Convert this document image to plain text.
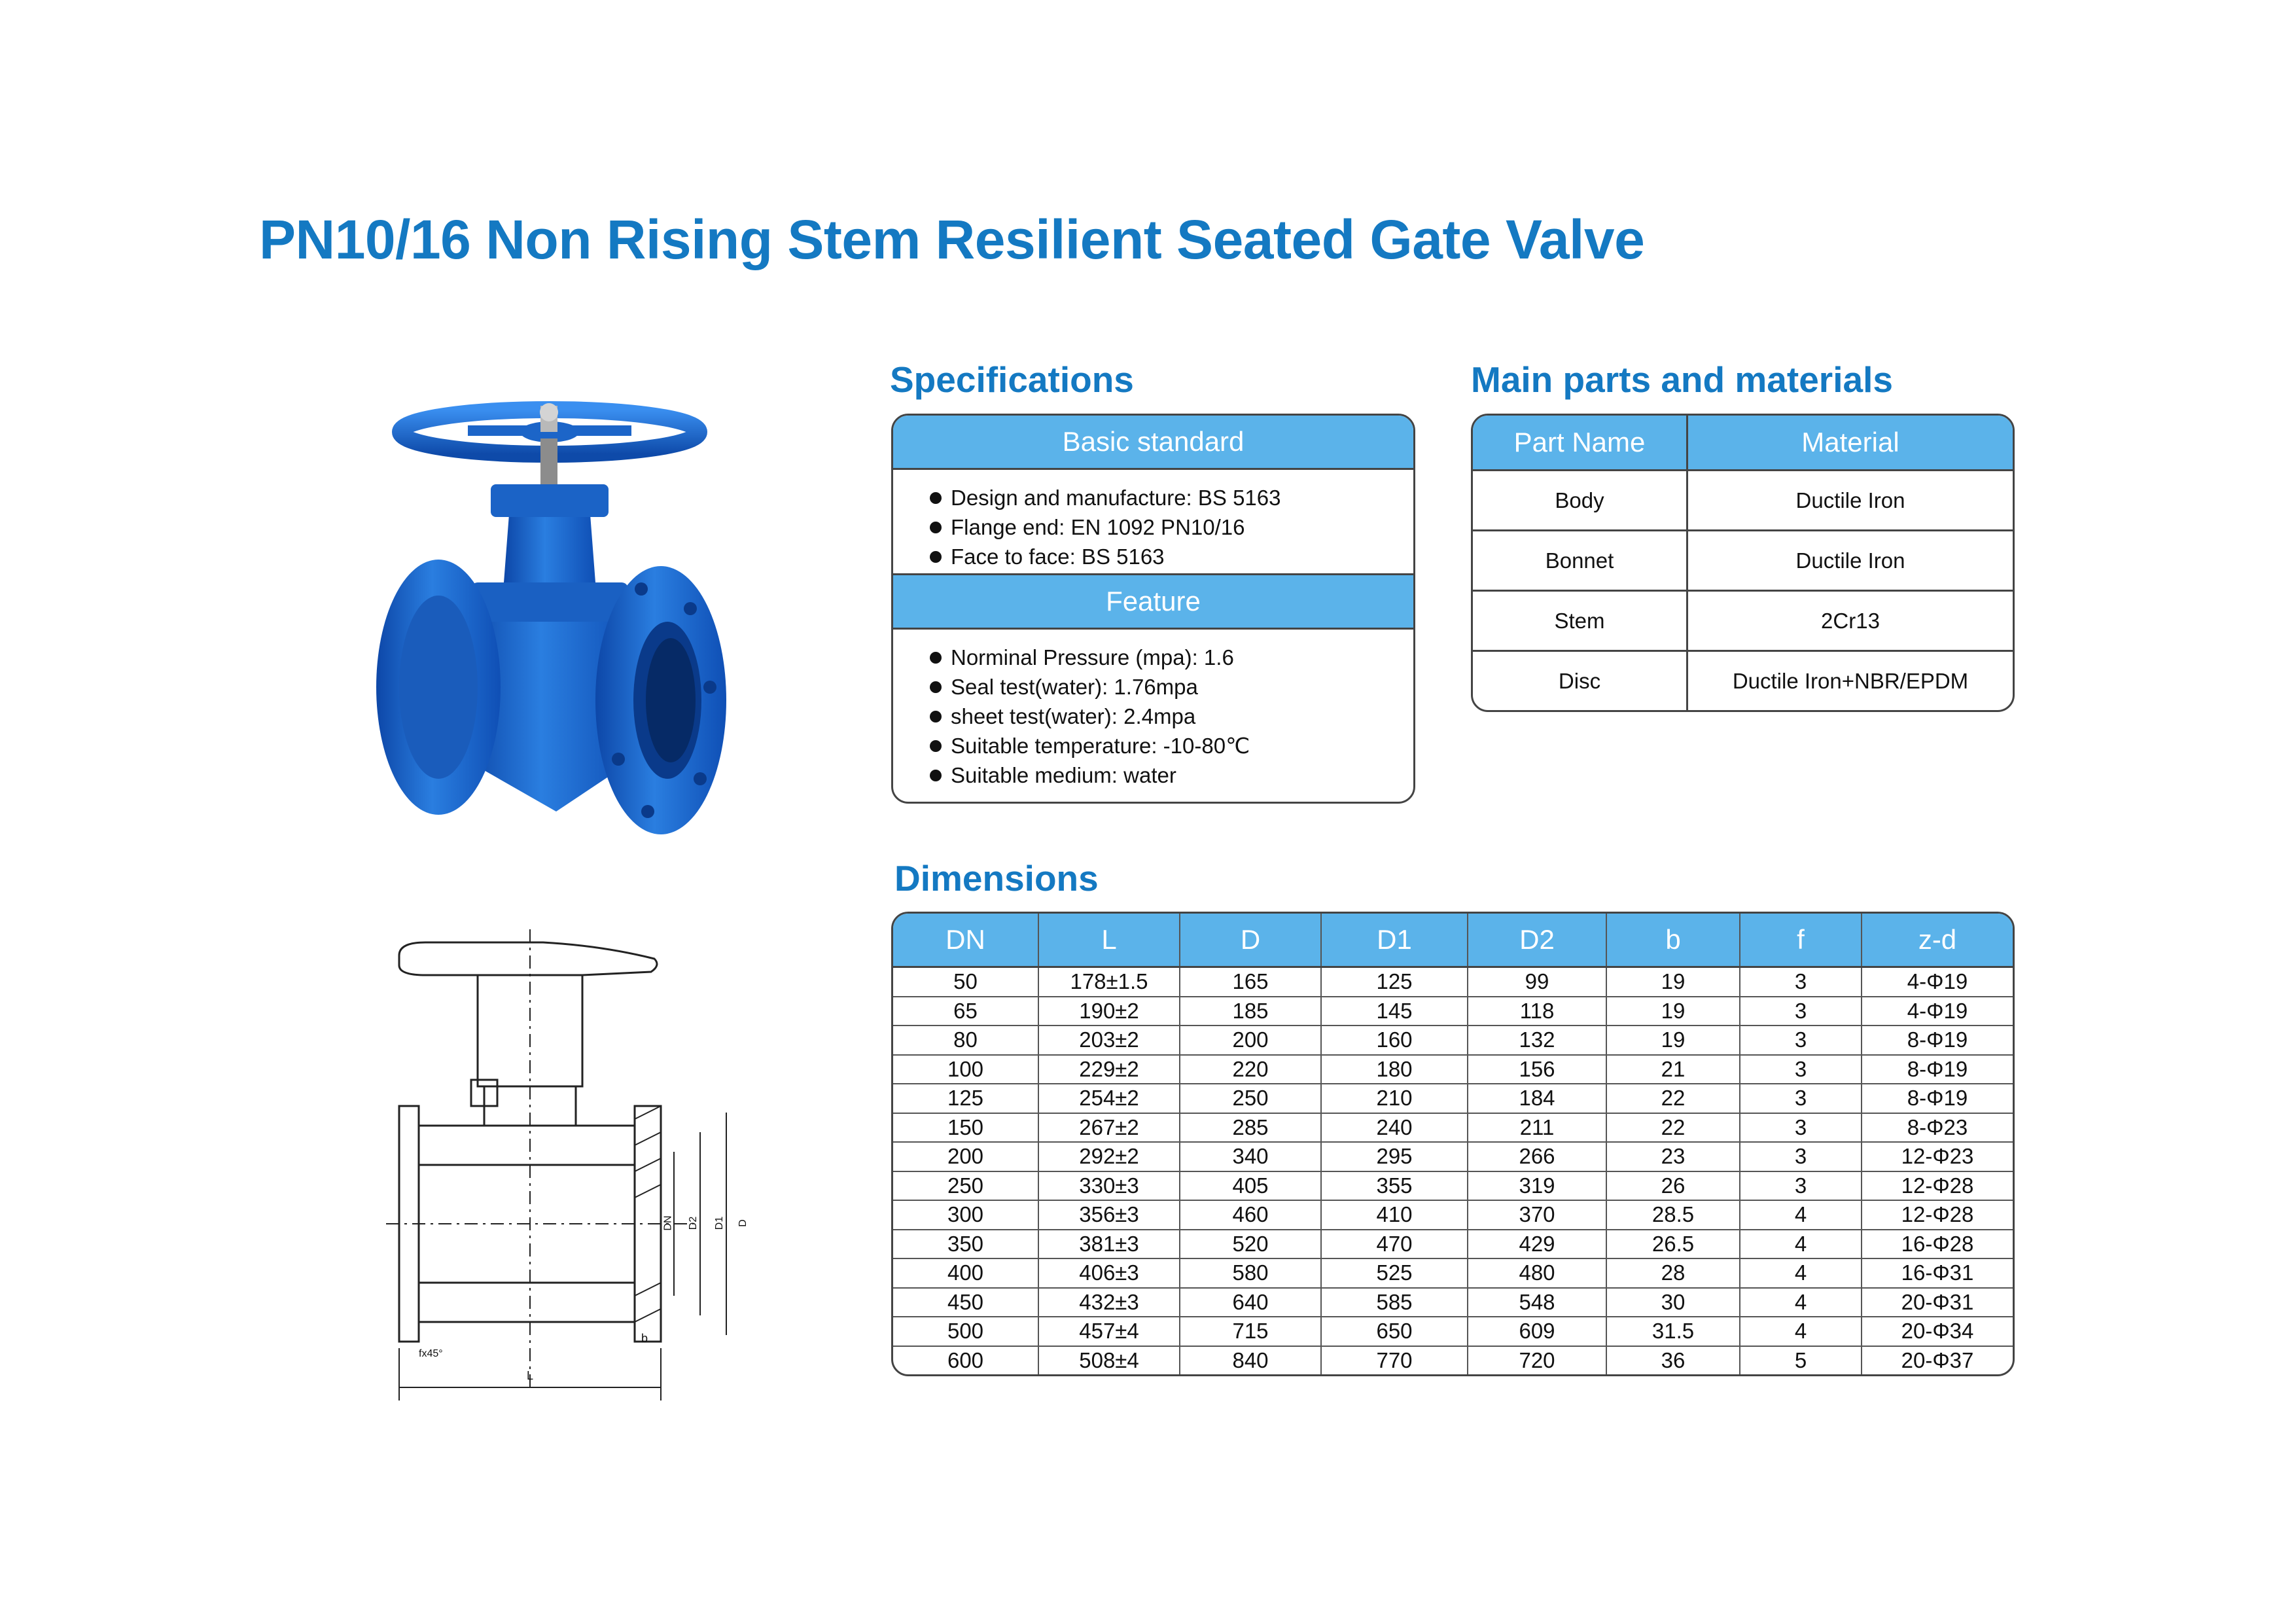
PN10/16 Non Rising Stem Resilient Seated Gate Valve
fx45°
L
b
DN D2 D1 D
Specifications
Basic standard
Design and manufacture: BS 5163
Flange end: EN 1092 PN10/16
Face to face: BS 5163
Feature
Norminal Pressure (mpa): 1.6
Seal test(water): 1.76mpa
sheet test(water): 2.4mpa
Suitable temperature: -10-80℃
Suitable medium: water
Main parts and materials
Part Name	Material
Body	Ductile Iron
Bonnet	Ductile Iron
Stem	2Cr13
Disc	Ductile Iron+NBR/EPDM
Dimensions
DN	L	D	D1	D2	b	f	z-d
50	178±1.5	165	125	99	19	3	4-Φ19
65	190±2	185	145	118	19	3	4-Φ19
80	203±2	200	160	132	19	3	8-Φ19
100	229±2	220	180	156	21	3	8-Φ19
125	254±2	250	210	184	22	3	8-Φ19
150	267±2	285	240	211	22	3	8-Φ23
200	292±2	340	295	266	23	3	12-Φ23
250	330±3	405	355	319	26	3	12-Φ28
300	356±3	460	410	370	28.5	4	12-Φ28
350	381±3	520	470	429	26.5	4	16-Φ28
400	406±3	580	525	480	28	4	16-Φ31
450	432±3	640	585	548	30	4	20-Φ31
500	457±4	715	650	609	31.5	4	20-Φ34
600	508±4	840	770	720	36	5	20-Φ37
